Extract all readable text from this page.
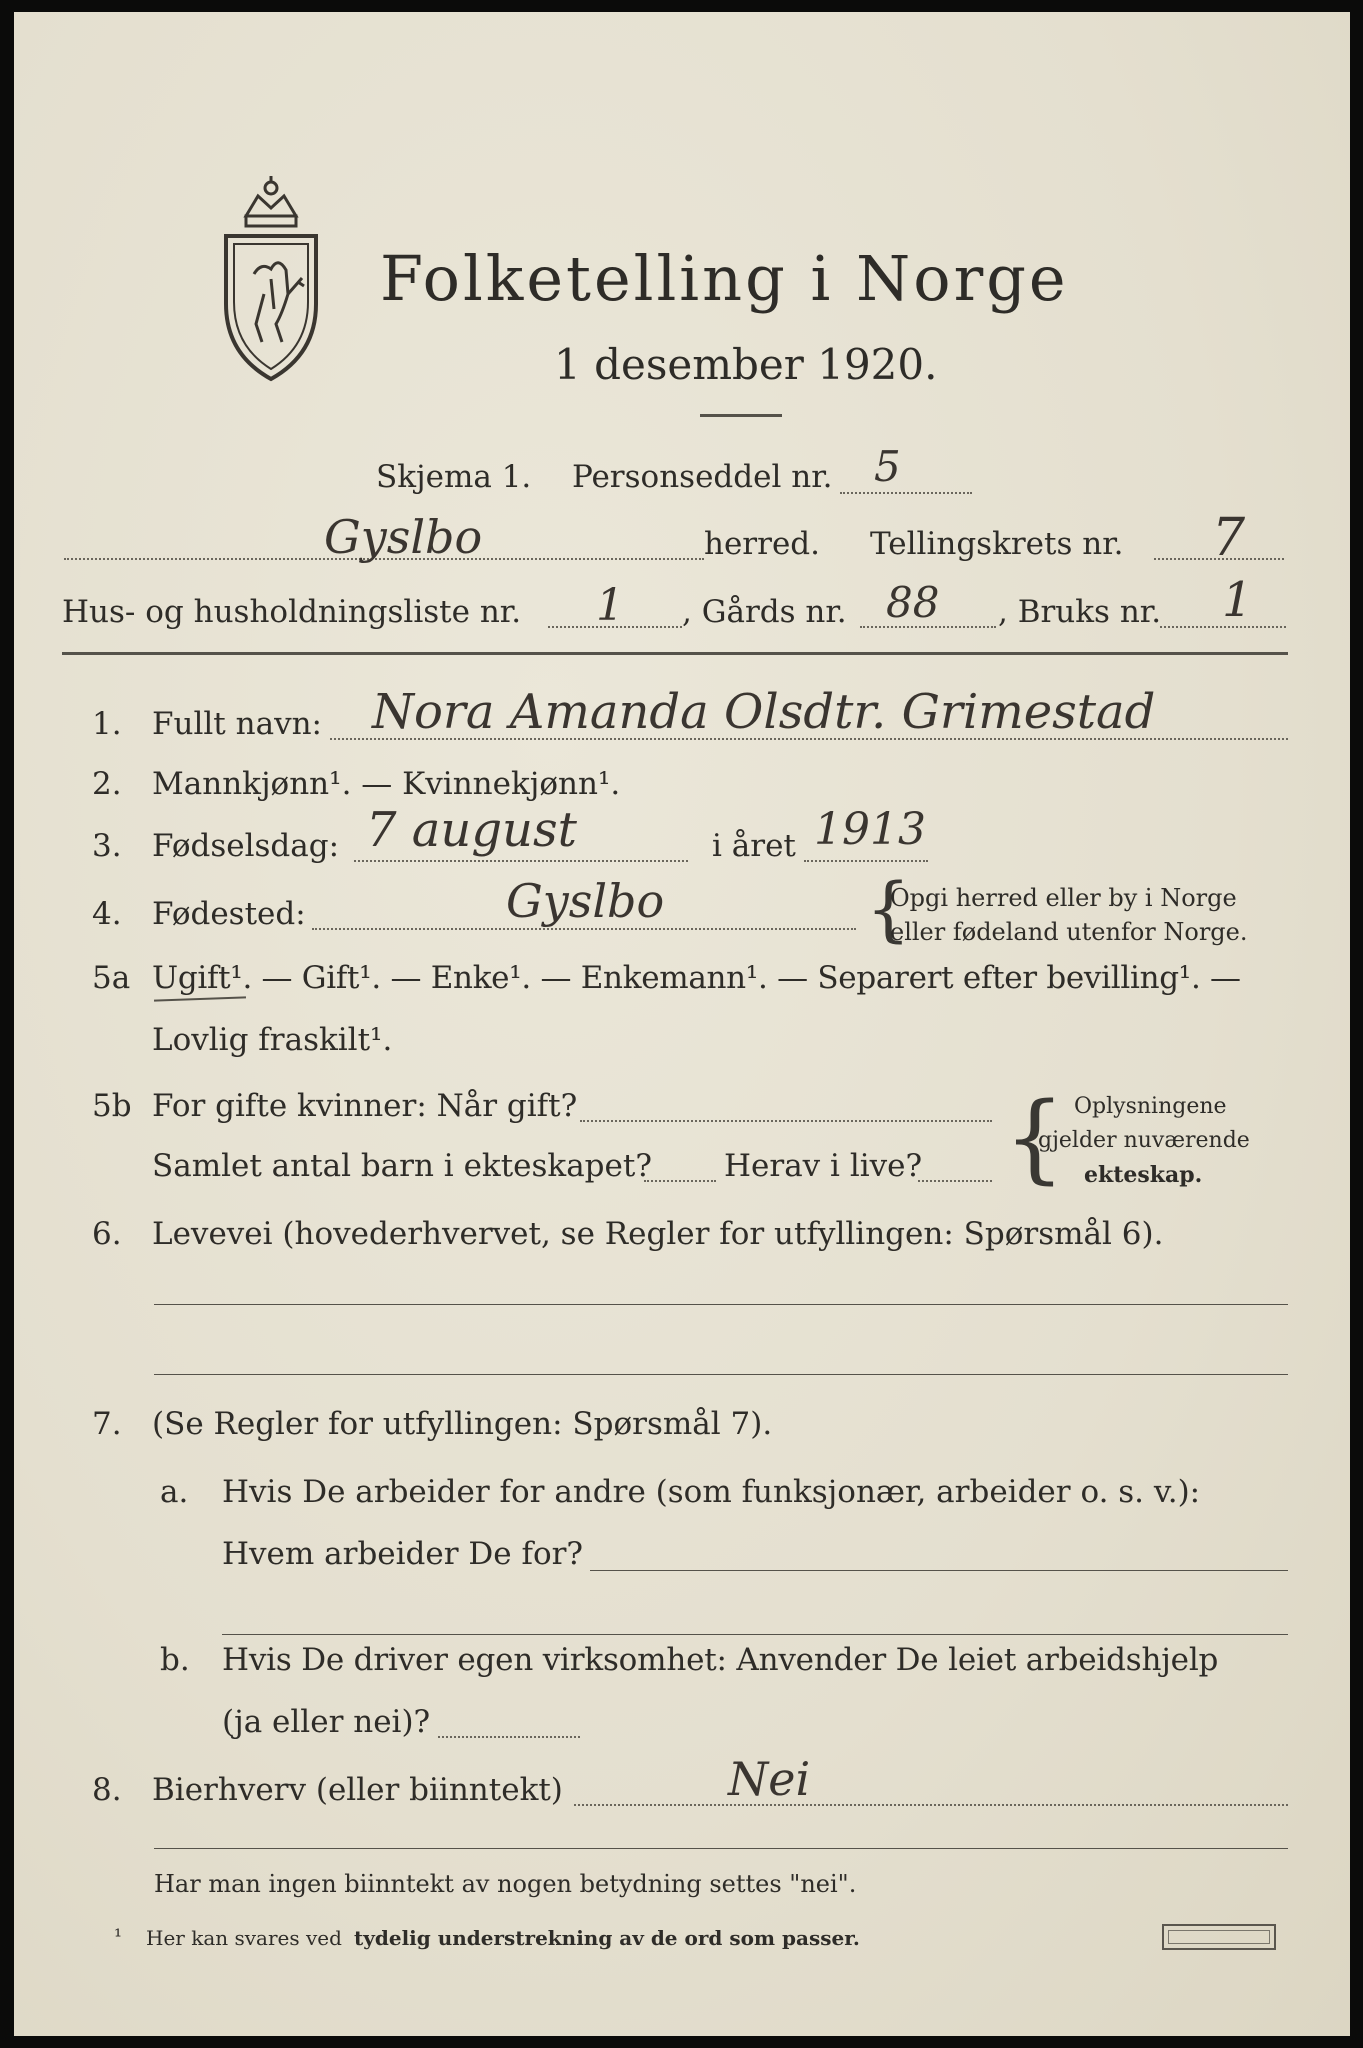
Folketelling i Norge
1 desember 1920.
Skjema 1. Personseddel nr. 5
Gyslbo	herred. Tellingskrets nr. 7
Hus- og husholdningsliste nr. 1 , Gårds nr. 88 , Bruks nr. 1
1. Fullt navn: Nora Amanda Olsdtr. Grimestad
2. Mannkjønn¹. — Kvinnekjønn¹.
3. Fødselsdag: 7 august	i året 1913
4. Fødested:	Gyslbo	{
Opgi herred eller by i Norge
eller fødeland utenfor Norge.
5a Ugift¹. — Gift¹. — Enke¹. — Enkemann¹. — Separert efter bevilling¹. —
Lovlig fraskilt¹.
5b For gifte kvinner: Når gift?
Samlet antal barn i ekteskapet? Herav i live? { Oplysningene
gjelder nuværende
ekteskap.
6. Levevei (hovederhvervet, se Regler for utfyllingen: Spørsmål 6).
7. (Se Regler for utfyllingen: Spørsmål 7).
a. Hvis De arbeider for andre (som funksjonær, arbeider o. s. v.):
Hvem arbeider De for?
b. Hvis De driver egen virksomhet: Anvender De leiet arbeidshjelp
(ja eller nei)?
8. Bierhverv (eller biinntekt)	Nei
Har man ingen biinntekt av nogen betydning settes "nei".
¹ Her kan svares ved tydelig understrekning av de ord som passer.
